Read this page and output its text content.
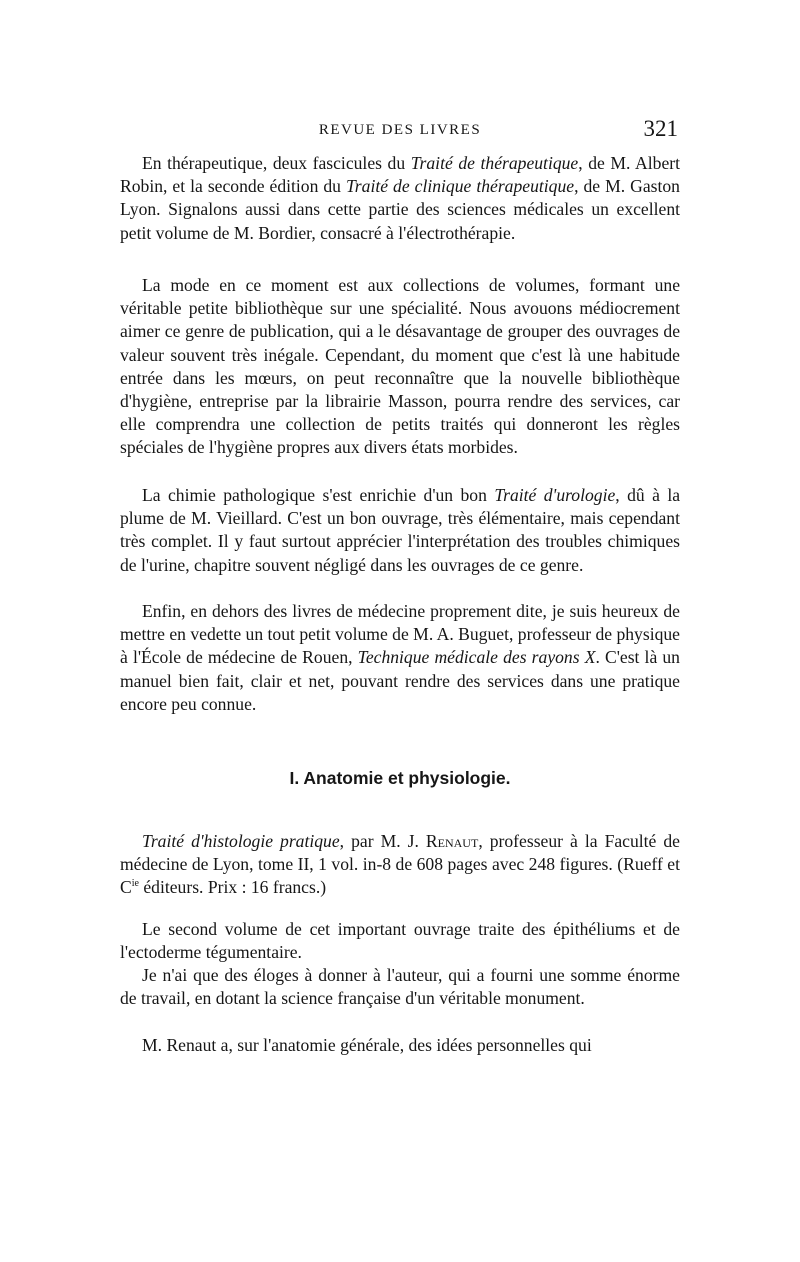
REVUE DES LIVRES	321

En thérapeutique, deux fascicules du Traité de thérapeutique, de M. Albert Robin, et la seconde édition du Traité de clinique thérapeutique, de M. Gaston Lyon. Signalons aussi dans cette partie des sciences médicales un excellent petit volume de M. Bordier, consacré à l'électrothérapie.

La mode en ce moment est aux collections de volumes, formant une véritable petite bibliothèque sur une spécialité. Nous avouons médiocrement aimer ce genre de publication, qui a le désavantage de grouper des ouvrages de valeur souvent très inégale. Cependant, du moment que c'est là une habitude entrée dans les mœurs, on peut reconnaître que la nouvelle bibliothèque d'hygiène, entreprise par la librairie Masson, pourra rendre des services, car elle comprendra une collection de petits traités qui donneront les règles spéciales de l'hygiène propres aux divers états morbides.

La chimie pathologique s'est enrichie d'un bon Traité d'urologie, dû à la plume de M. Vieillard. C'est un bon ouvrage, très élémentaire, mais cependant très complet. Il y faut surtout apprécier l'interprétation des troubles chimiques de l'urine, chapitre souvent négligé dans les ouvrages de ce genre.

Enfin, en dehors des livres de médecine proprement dite, je suis heureux de mettre en vedette un tout petit volume de M. A. Buguet, professeur de physique à l'École de médecine de Rouen, Technique médicale des rayons X. C'est là un manuel bien fait, clair et net, pouvant rendre des services dans une pratique encore peu connue.

I. Anatomie et physiologie.

Traité d'histologie pratique, par M. J. Renaut, professeur à la Faculté de médecine de Lyon, tome II, 1 vol. in-8 de 608 pages avec 248 figures. (Rueff et $C^{ie}$ éditeurs. Prix : 16 francs.)

Le second volume de cet important ouvrage traite des épithéliums et de l'ectoderme tégumentaire.

Je n'ai que des éloges à donner à l'auteur, qui a fourni une somme énorme de travail, en dotant la science française d'un véritable monument.

M. Renaut a, sur l'anatomie générale, des idées personnelles qui
